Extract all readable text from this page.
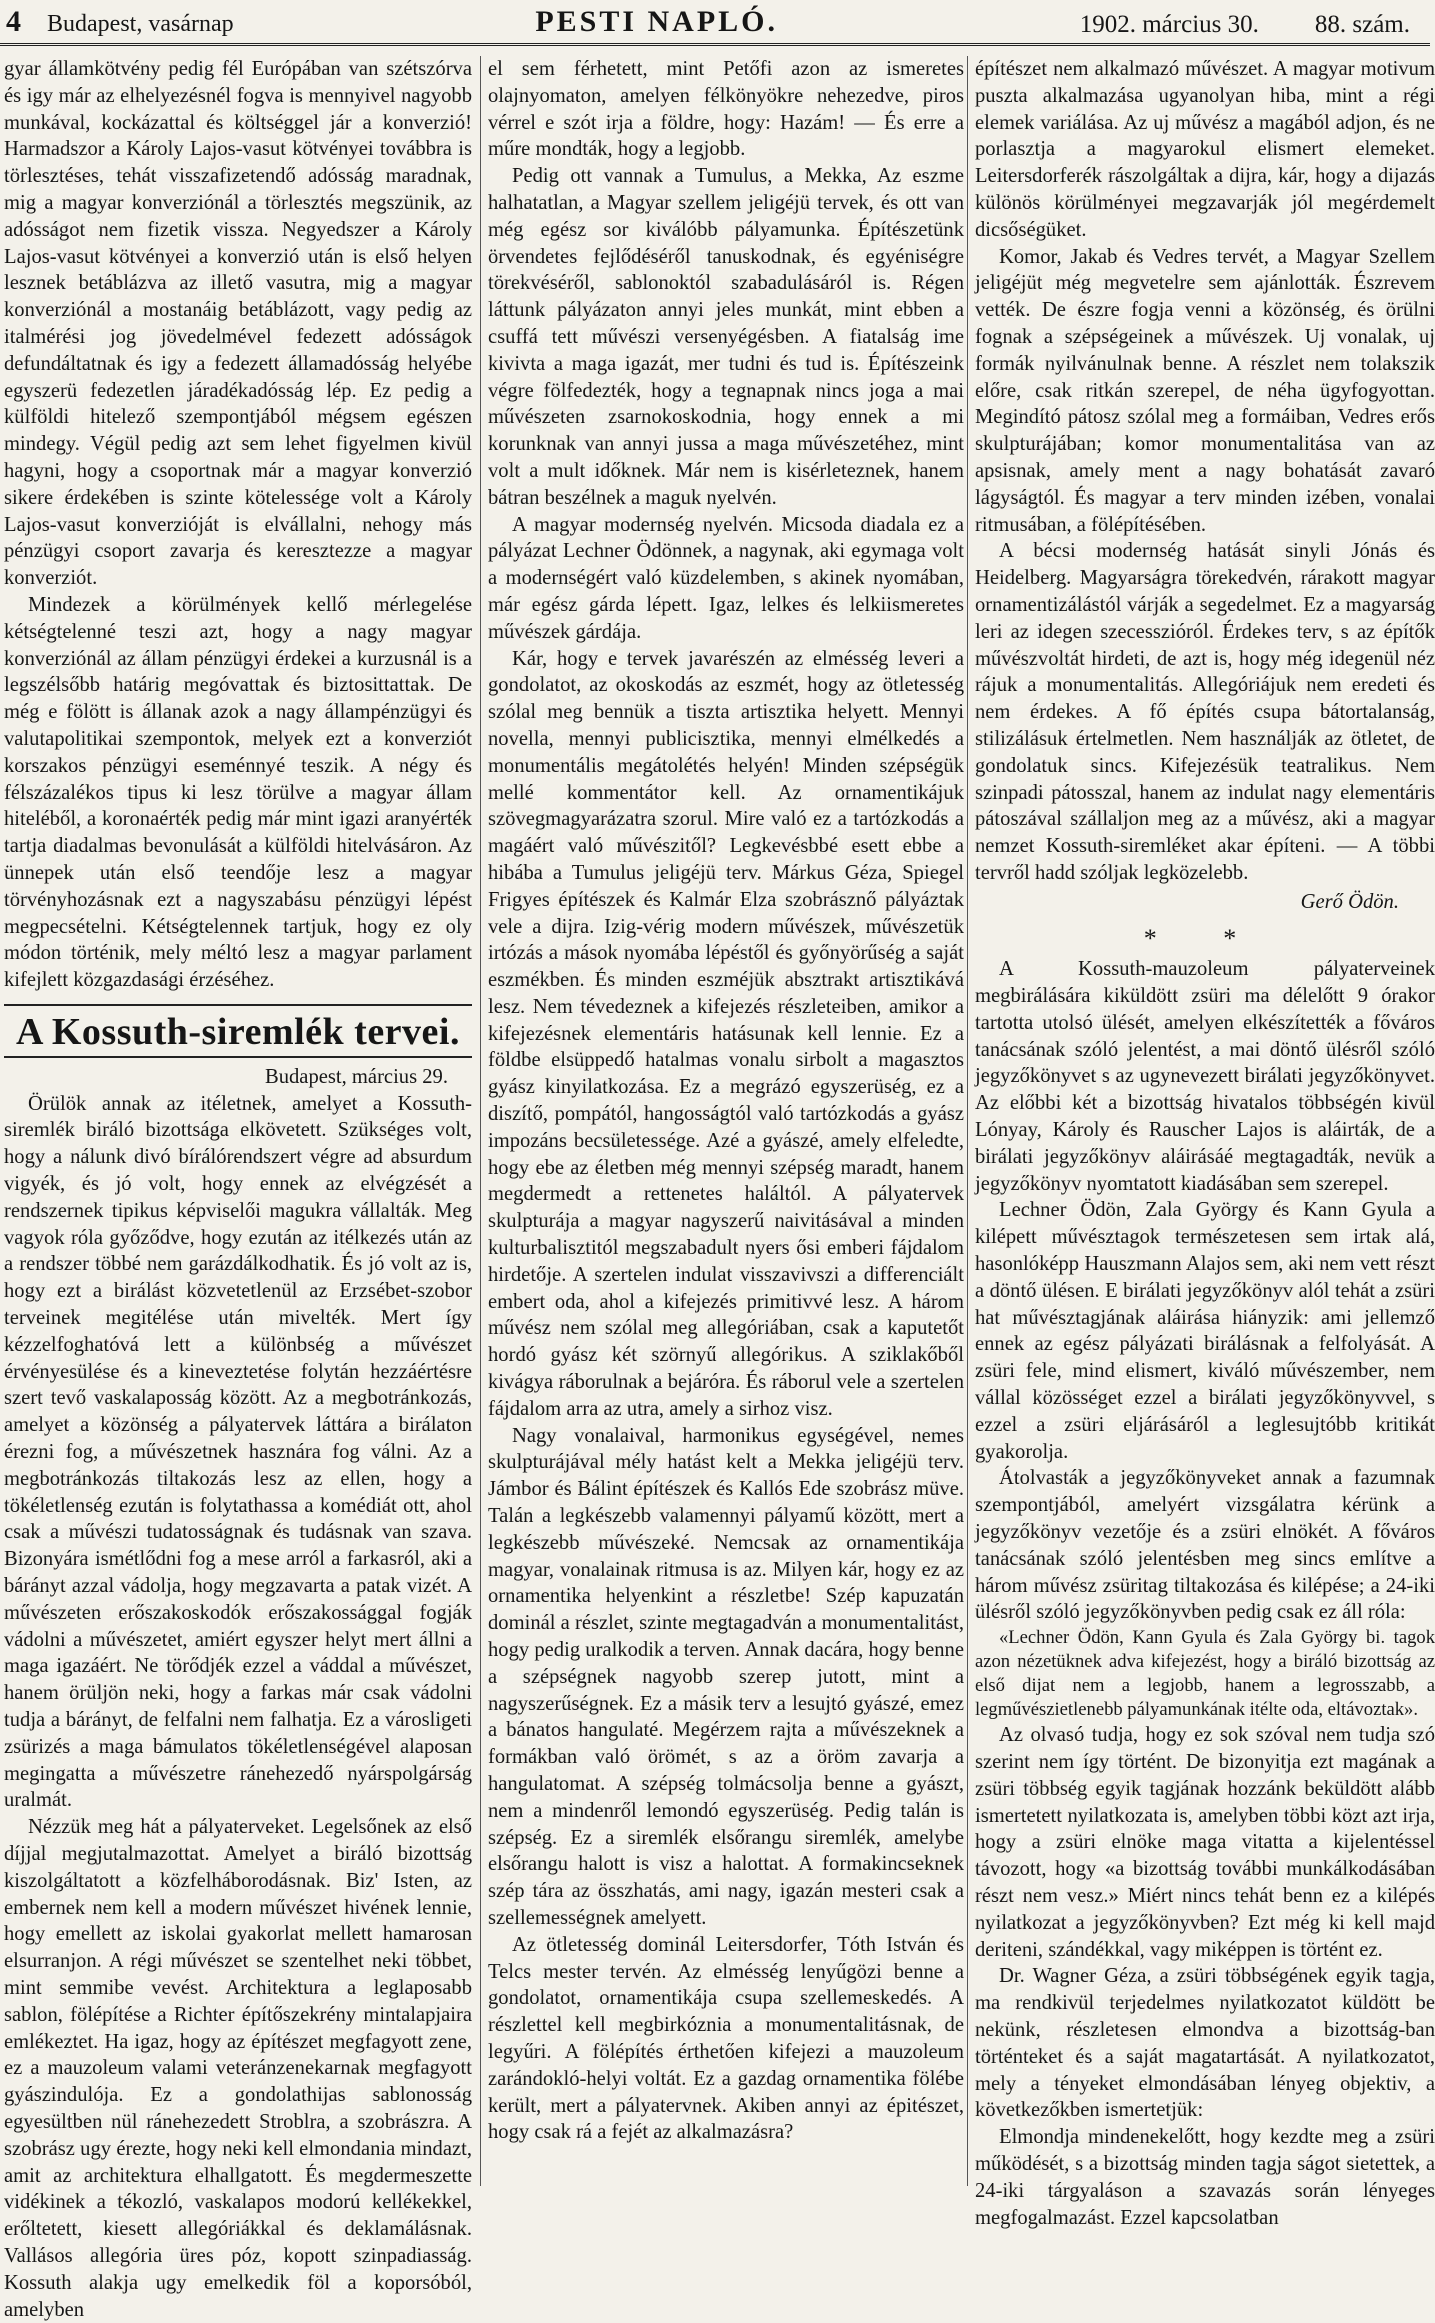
4 Budapest, vasárnap	PESTI NAPLÓ.	1902. március 30. 88. szám.

gyar államkötvény pedig fél Európában van szétszórva és igy már az elhelyezésnél fogva is mennyivel nagyobb munkával, kockázattal és költséggel jár a konverzió! Harmadszor a Károly Lajos-vasut kötvényei továbbra is törlesztéses, tehát visszafizetendő adósság maradnak, mig a magyar konverziónál a törlesztés megszünik, az adósságot nem fizetik vissza. Negyedszer a Károly Lajos-vasut kötvényei a konverzió után is első helyen lesznek betáblázva az illető vasutra, mig a magyar konverziónál a mostanáig betáblázott, vagy pedig az italmérési jog jövedelmével fedezett adósságok defundáltatnak és igy a fedezett államadósság helyébe egyszerü fedezetlen járadékadósság lép. Ez pedig a külföldi hitelező szempontjából mégsem egészen mindegy. Végül pedig azt sem lehet figyelmen kivül hagyni, hogy a csoportnak már a magyar konverzió sikere érdekében is szinte kötelessége volt a Károly Lajos-vasut konverzióját is elvállalni, nehogy más pénzügyi csoport zavarja és keresztezze a magyar konverziót.

Mindezek a körülmények kellő mérlegelése kétségtelenné teszi azt, hogy a nagy magyar konverziónál az állam pénzügyi érdekei a kurzusnál is a legszélsőbb határig megóvattak és biztosittattak. De még e fölött is állanak azok a nagy állampénzügyi és valutapolitikai szempontok, melyek ezt a konverziót korszakos pénzügyi eseménnyé teszik. A négy és félszázalékos tipus ki lesz törülve a magyar állam hiteléből, a koronaérték pedig már mint igazi aranyérték tartja diadalmas bevonulását a külföldi hitelvásáron. Az ünnepek után első teendője lesz a magyar törvényhozásnak ezt a nagyszabásu pénzügyi lépést megpecsételni. Kétségtelennek tartjuk, hogy ez oly módon történik, mely méltó lesz a magyar parlament kifejlett közgazdasági érzéséhez.

A Kossuth-siremlék tervei.
Budapest, március 29.

Örülök annak az itéletnek, amelyet a Kossuth-siremlék biráló bizottsága elkövetett. Szükséges volt, hogy a nálunk divó bírálórendszert végre ad absurdum vigyék, és jó volt, hogy ennek az elvégzését a rendszernek tipikus képviselői magukra vállalták. Meg vagyok róla győződve, hogy ezután az itélkezés után az a rendszer többé nem garázdálkodhatik. És jó volt az is, hogy ezt a birálást közvetetlenül az Erzsébet-szobor terveinek megitélése után mivelték. Mert így kézzelfoghatóvá lett a különbség a művészet érvényesülése és a kineveztetése folytán hezzáértésre szert tevő vaskalaposság között. Az a megbotránkozás, amelyet a közönség a pályatervek láttára a birálaton érezni fog, a művészetnek hasznára fog válni. Az a megbotránkozás tiltakozás lesz az ellen, hogy a tökéletlenség ezután is folytathassa a komédiát ott, ahol csak a művészi tudatosságnak és tudásnak van szava. Bizonyára ismétlődni fog a mese arról a farkasról, aki a bárányt azzal vádolja, hogy megzavarta a patak vizét. A művészeten erőszakoskodók erőszakossággal fogják vádolni a művészetet, amiért egyszer helyt mert állni a maga igazáért. Ne törődjék ezzel a váddal a művészet, hanem örüljön neki, hogy a farkas már csak vádolni tudja a bárányt, de felfalni nem falhatja. Ez a városligeti zsürizés a maga bámulatos tökéletlenségével alaposan megingatta a művészetre ránehezedő nyárspolgárság uralmát.

Nézzük meg hát a pályaterveket. Legelsőnek az első díjjal megjutalmazottat. Amelyet a biráló bizottság kiszolgáltatott a közfelháborodásnak. Biz' Isten, az embernek nem kell a modern művészet hivének lennie, hogy emellett az iskolai gyakorlat mellett hamarosan elsurranjon. A régi művészet se szentelhet neki többet, mint semmibe vevést. Architektura a leglaposabb sablon, fölépítése a Richter építőszekrény mintalapjaira emlékeztet. Ha igaz, hogy az építészet megfagyott zene, ez a mauzoleum valami veteránzenekarnak megfagyott gyászindulója. Ez a gondolathijas sablonosság egyesültben nül ránehezedett Stroblra, a szobrászra. A szobrász ugy érezte, hogy neki kell elmondania mindazt, amit az architektura elhallgatott. És megdermeszette vidékinek a tékozló, vaskalapos modorú kellékekkel, erőltetett, kiesett allegóriákkal és deklamálásnak. Vallásos allegória üres póz, kopott szinpadiasság. Kossuth alakja ugy emelkedik föl a koporsóból, amelyben

el sem férhetett, mint Petőfi azon az ismeretes olajnyomaton, amelyen félkönyökre nehezedve, piros vérrel e szót irja a földre, hogy: Hazám! — És erre a műre mondták, hogy a legjobb.

Pedig ott vannak a Tumulus, a Mekka, Az eszme halhatatlan, a Magyar szellem jeligéjü tervek, és ott van még egész sor kiválóbb pályamunka. Építészetünk örvendetes fejlődéséről tanuskodnak, és egyéniségre törekvéséről, sablonoktól szabadulásáról is. Régen láttunk pályázaton annyi jeles munkát, mint ebben a csuffá tett művészi versenyégésben. A fiatalság ime kivivta a maga igazát, mer tudni és tud is. Építészeink végre fölfedezték, hogy a tegnapnak nincs joga a mai művészeten zsarnokoskodnia, hogy ennek a mi korunknak van annyi jussa a maga művészetéhez, mint volt a mult időknek. Már nem is kisérleteznek, hanem bátran beszélnek a maguk nyelvén.

A magyar modernség nyelvén. Micsoda diadala ez a pályázat Lechner Ödönnek, a nagynak, aki egymaga volt a modernségért való küzdelemben, s akinek nyomában, már egész gárda lépett. Igaz, lelkes és lelkiismeretes művészek gárdája.

Kár, hogy e tervek javarészén az elmésség leveri a gondolatot, az okoskodás az eszmét, hogy az ötletesség szólal meg bennük a tiszta artisztika helyett. Mennyi novella, mennyi publicisztika, mennyi elmélkedés a monumentális megátolétés helyén! Minden szépségük mellé kommentátor kell. Az ornamentikájuk szövegmagyarázatra szorul. Mire való ez a tartózkodás a magáért való művészitől? Legkevésbbé esett ebbe a hibába a Tumulus jeligéjü terv. Márkus Géza, Spiegel Frigyes építészek és Kalmár Elza szobrásznő pályáztak vele a dijra. Izig-vérig modern művészek, művészetük irtózás a mások nyomába lépéstől és győnyörűség a saját eszmékben. És minden eszméjük absztrakt artisztikává lesz. Nem tévedeznek a kifejezés részleteiben, amikor a kifejezésnek elementáris hatásunak kell lennie. Ez a földbe elsüppedő hatalmas vonalu sirbolt a magasztos gyász kinyilatkozása. Ez a megrázó egyszerüség, ez a diszítő, pompától, hangosságtól való tartózkodás a gyász impozáns becsületessége. Azé a gyászé, amely elfeledte, hogy ebe az életben még mennyi szépség maradt, hanem megdermedt a rettenetes haláltól. A pályatervek skulpturája a magyar nagyszerű naivitásával a minden kulturbalisztitól megszabadult nyers ősi emberi fájdalom hirdetője. A szertelen indulat visszavivszi a differenciált embert oda, ahol a kifejezés primitivvé lesz. A három művész nem szólal meg allegóriában, csak a kaputetőt hordó gyász két szörnyű allegórikus. A sziklakőből kivágya ráborulnak a bejáróra. És ráborul vele a szertelen fájdalom arra az utra, amely a sirhoz visz.

Nagy vonalaival, harmonikus egységével, nemes skulpturájával mély hatást kelt a Mekka jeligéjü terv. Jámbor és Bálint építészek és Kallós Ede szobrász müve. Talán a legkészebb valamennyi pályamű között, mert a legkészebb művészeké. Nemcsak az ornamentikája magyar, vonalainak ritmusa is az. Milyen kár, hogy ez az ornamentika helyenkint a részletbe! Szép kapuzatán dominál a részlet, szinte megtagadván a monumentalitást, hogy pedig uralkodik a terven. Annak dacára, hogy benne a szépségnek nagyobb szerep jutott, mint a nagyszerűségnek. Ez a másik terv a lesujtó gyászé, emez a bánatos hangulaté. Megérzem rajta a művészeknek a formákban való örömét, s az a öröm zavarja a hangulatomat. A szépség tolmácsolja benne a gyászt, nem a mindenről lemondó egyszerüség. Pedig talán is szépség. Ez a siremlék elsőrangu siremlék, amelybe elsőrangu halott is visz a halottat. A formakincseknek szép tára az összhatás, ami nagy, igazán mesteri csak a szellemességnek amelyett.

Az ötletesség dominál Leitersdorfer, Tóth István és Telcs mester tervén. Az elmésség lenyűgözi benne a gondolatot, ornamentikája csupa szellemeskedés. A részlettel kell megbirkóznia a monumentalitásnak, de legyűri. A fölépítés érthetően kifejezi a mauzoleum zarándokló-helyi voltát. Ez a gazdag ornamentika fölébe került, mert a pályatervnek. Akiben annyi az épitészet, hogy csak rá a fejét az alkalmazásra?

építészet nem alkalmazó művészet. A magyar motivum puszta alkalmazása ugyanolyan hiba, mint a régi elemek variálása. Az uj művész a magából adjon, és ne porlasztja a magyarokul elismert elemeket. Leitersdorferék rászolgáltak a dijra, kár, hogy a dijazás különös körülményei megzavarják jól megérdemelt dicsőségüket.

Komor, Jakab és Vedres tervét, a Magyar Szellem jeligéjüt még megvetelre sem ajánlották. Észrevem vették. De észre fogja venni a közönség, és örülni fognak a szépségeinek a művészek. Uj vonalak, uj formák nyilvánulnak benne. A részlet nem tolakszik előre, csak ritkán szerepel, de néha ügyfogyottan. Megindító pátosz szólal meg a formáiban, Vedres erős skulpturájában; komor monumentalitása van az apsisnak, amely ment a nagy bohatását zavaró lágyságtól. És magyar a terv minden izében, vonalai ritmusában, a fölépítésében.

A bécsi modernség hatását sinyli Jónás és Heidelberg. Magyarságra törekedvén, rárakott magyar ornamentizálástól várják a segedelmet. Ez a magyarság leri az idegen szecesszióról. Érdekes terv, s az építők művészvoltát hirdeti, de azt is, hogy még idegenül néz rájuk a monumentalitás. Allegóriájuk nem eredeti és nem érdekes. A fő építés csupa bátortalanság, stilizálásuk értelmetlen. Nem használják az ötletet, de gondolatuk sincs. Kifejezésük teatralikus. Nem szinpadi pátosszal, hanem az indulat nagy elementáris pátoszával szállaljon meg az a művész, aki a magyar nemzet Kossuth-siremléket akar építeni. — A többi tervről hadd szóljak legközelebb.

Gerő Ödön.
* *

A Kossuth-mauzoleum pályaterveinek megbirálására kiküldött zsüri ma délelőtt 9 órakor tartotta utolsó ülését, amelyen elkészítették a főváros tanácsának szóló jelentést, a mai döntő ülésről szóló jegyzőkönyvet s az ugynevezett birálati jegyzőkönyvet. Az előbbi két a bizottság hivatalos többségén kivül Lónyay, Károly és Rauscher Lajos is aláirták, de a birálati jegyzőkönyv aláirásáé megtagadták, nevük a jegyzőkönyv nyomtatott kiadásában sem szerepel.

Lechner Ödön, Zala György és Kann Gyula a kilépett művésztagok természetesen sem irtak alá, hasonlóképp Hauszmann Alajos sem, aki nem vett részt a döntő ülésen. E birálati jegyzőkönyv alól tehát a zsüri hat művésztagjának aláirása hiányzik: ami jellemző ennek az egész pályázati birálásnak a felfolyását. A zsüri fele, mind elismert, kiváló művészember, nem vállal közösséget ezzel a birálati jegyzőkönyvvel, s ezzel a zsüri eljárásáról a leglesujtóbb kritikát gyakorolja.

Átolvasták a jegyzőkönyveket annak a fazumnak szempontjából, amelyért vizsgálatra kérünk a jegyzőkönyv vezetője és a zsüri elnökét. A főváros tanácsának szóló jelentésben meg sincs említve a három művész zsüritag tiltakozása és kilépése; a 24-iki ülésről szóló jegyzőkönyvben pedig csak ez áll róla:

«Lechner Ödön, Kann Gyula és Zala György bi. tagok azon nézetüknek adva kifejezést, hogy a biráló bizottság az első dijat nem a legjobb, hanem a legrosszabb, a legművészietlenebb pályamunkának itélte oda, eltávoztak».

Az olvasó tudja, hogy ez sok szóval nem tudja szó szerint nem így történt. De bizonyitja ezt magának a zsüri többség egyik tagjának hozzánk beküldött alább ismertetett nyilatkozata is, amelyben többi közt azt irja, hogy a zsüri elnöke maga vitatta a kijelentéssel távozott, hogy «a bizottság további munkálkodásában részt nem vesz.» Miért nincs tehát benn ez a kilépés nyilatkozat a jegyzőkönyvben? Ezt még ki kell majd deriteni, szándékkal, vagy miképpen is történt ez.

Dr. Wagner Géza, a zsüri többségének egyik tagja, ma rendkivül terjedelmes nyilatkozatot küldött be nekünk, részletesen elmondva a bizottság-ban történteket és a saját magatartását. A nyilatkozatot, mely a tényeket elmondásában lényeg objektiv, a következőkben ismertetjük:

Elmondja mindenekelőtt, hogy kezdte meg a zsüri működését, s a bizottság minden tagja ságot sietettek, a 24-iki tárgyaláson a szavazás során lényeges megfogalmazást. Ezzel kapcsolatban
